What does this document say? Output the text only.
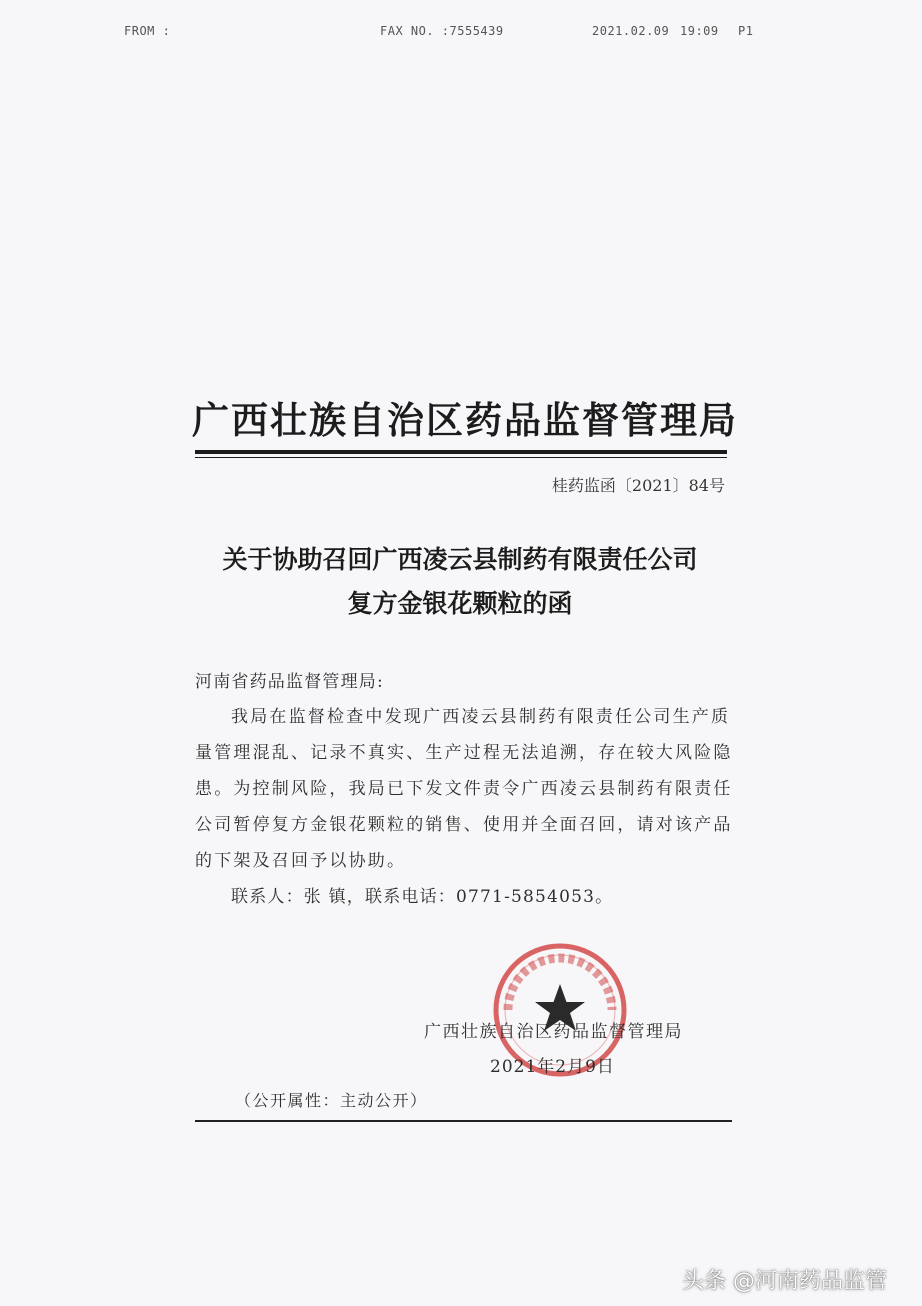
FROM :	FAX NO. :7555439	2021.02.09 19:09 P1
广西壮族自治区药品监督管理局
桂药监函〔2021〕84号
关于协助召回广西凌云县制药有限责任公司
复方金银花颗粒的函
河南省药品监督管理局:
我局在监督检查中发现广西凌云县制药有限责任公司生产质
量管理混乱、记录不真实、生产过程无法追溯，存在较大风险隐
患。为控制风险，我局已下发文件责令广西凌云县制药有限责任
公司暂停复方金银花颗粒的销售、使用并全面召回，请对该产品
的下架及召回予以协助。
联系人：张 镇，联系电话：0771-5854053。
广西壮族自治区药品监督管理局
2021年2月9日
（公开属性：主动公开）
头条 @河南药品监管
